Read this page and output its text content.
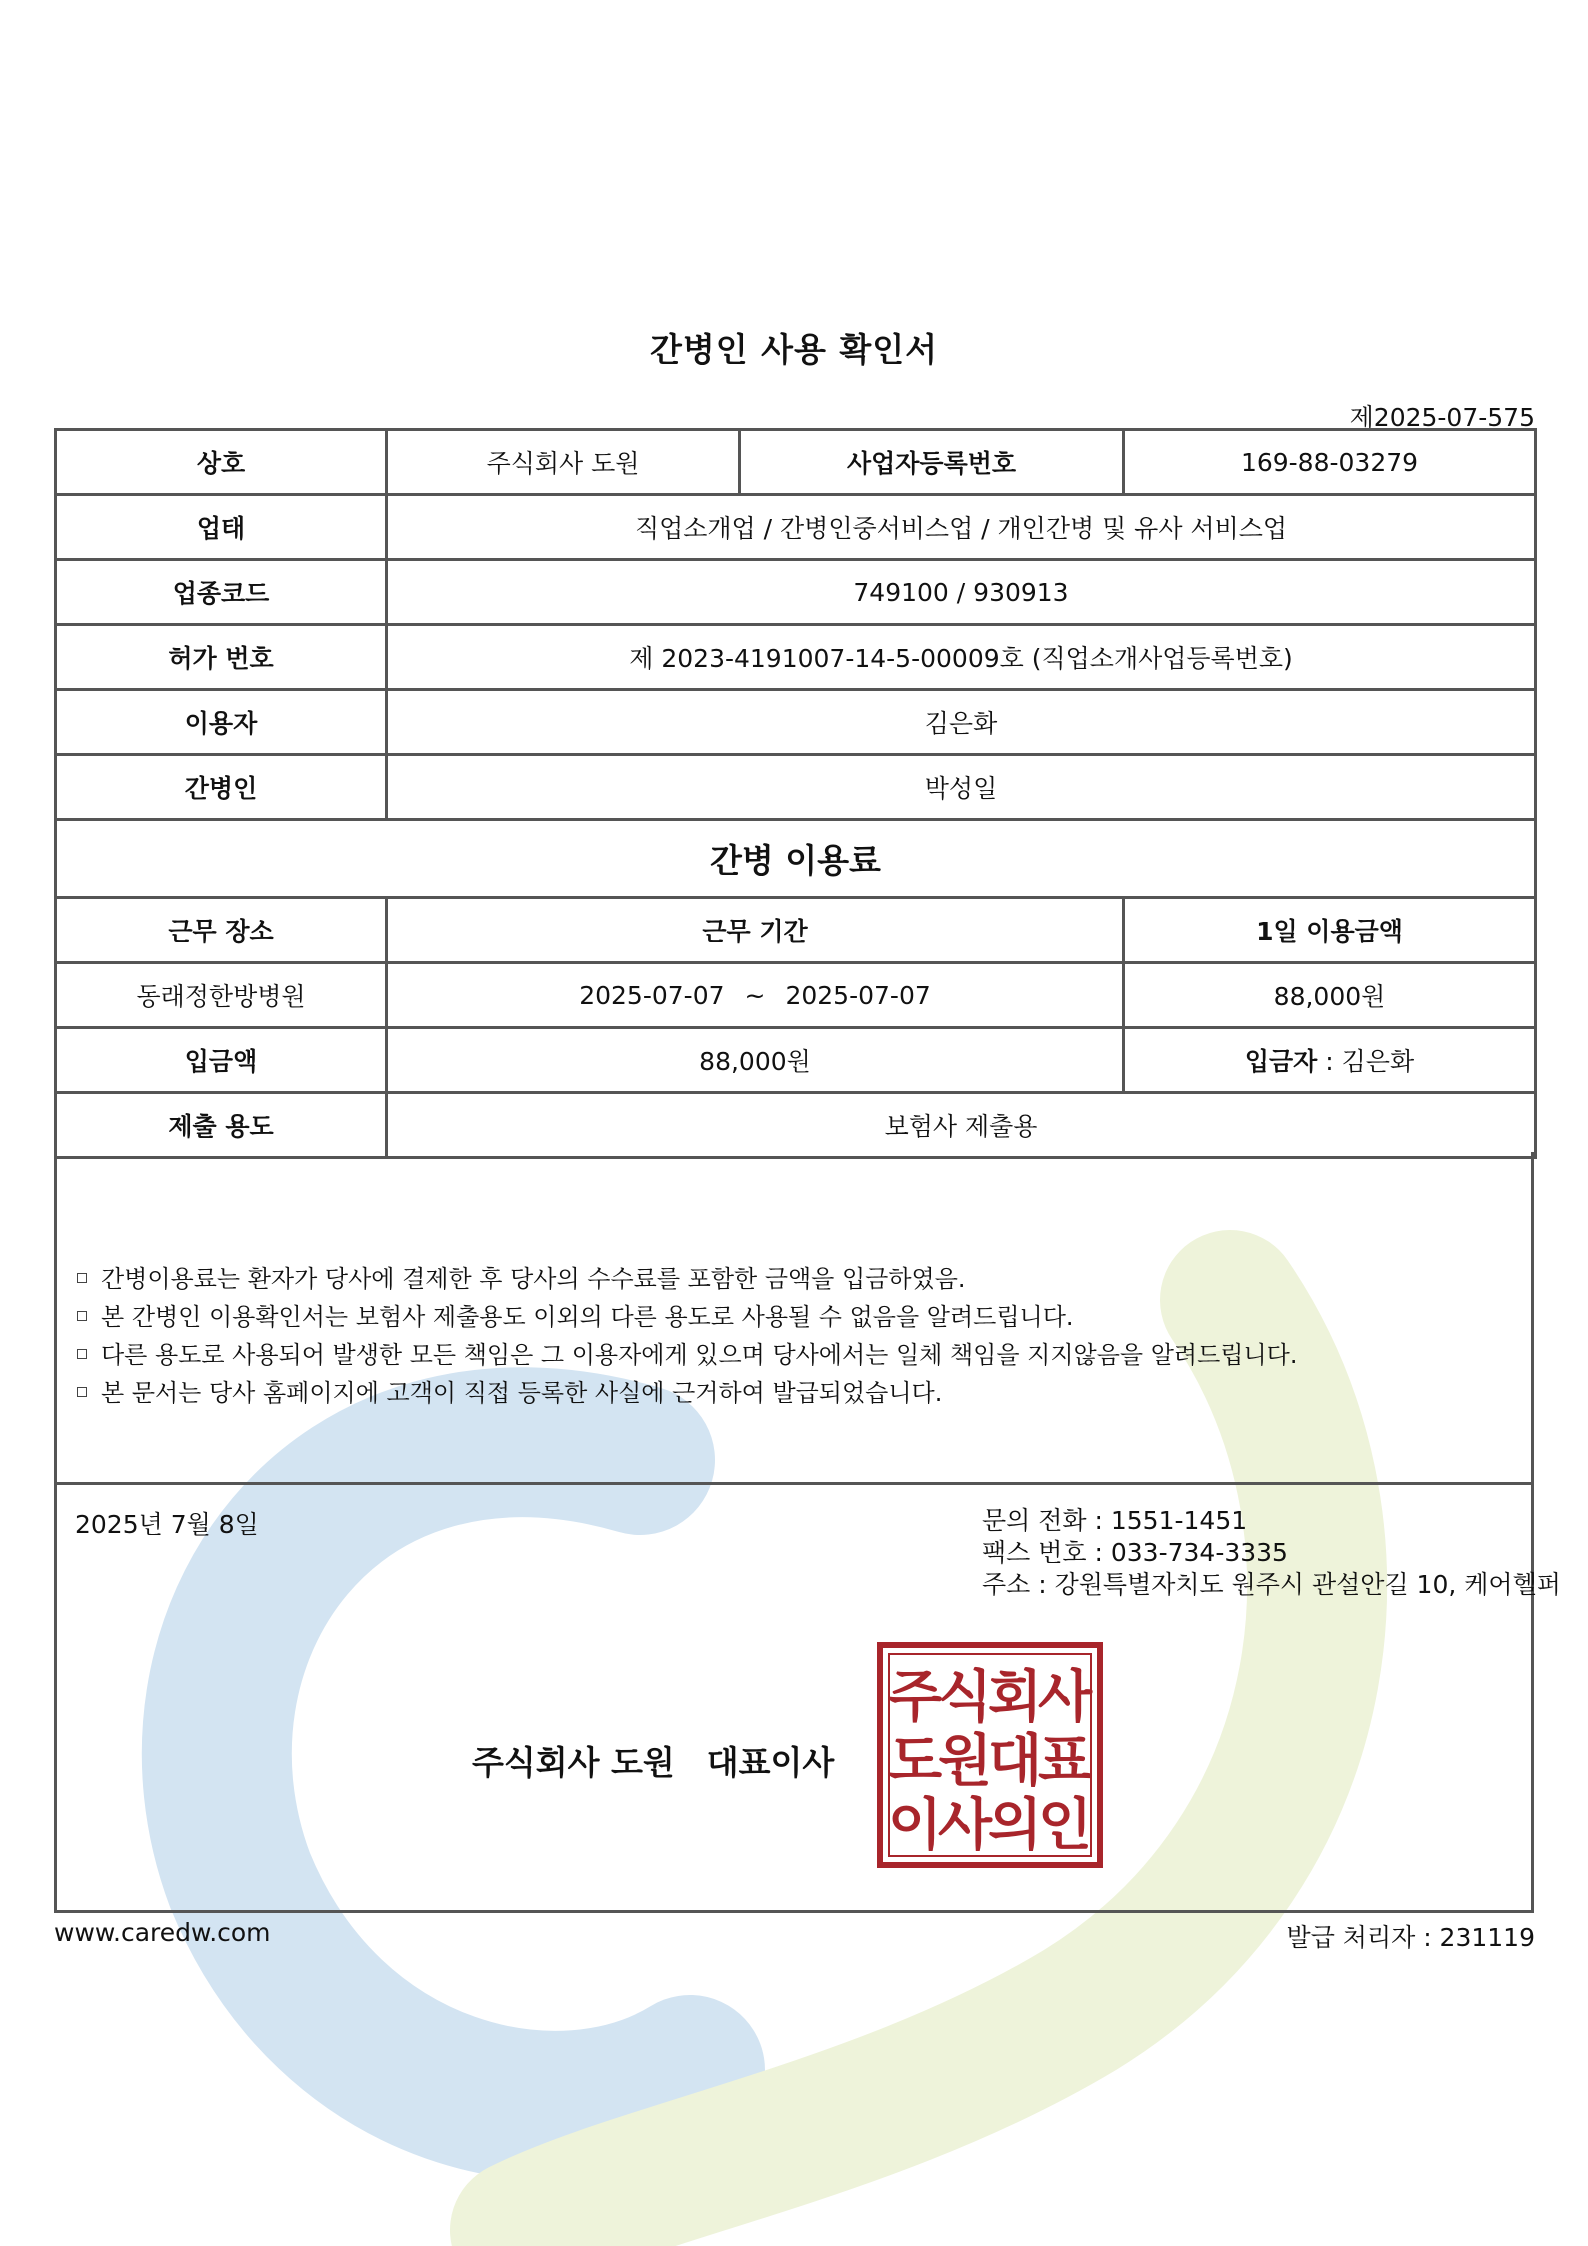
간병인 사용 확인서
제2025-07-575
상호	주식회사 도원	사업자등록번호	169-88-03279
업태	직업소개업 / 간병인중서비스업 / 개인간병 및 유사 서비스업		
업종코드	749100 / 930913		
허가 번호	제 2023-4191007-14-5-00009호 (직업소개사업등록번호)		
이용자	김은화		
간병인	박성일		
간병 이용료			
근무 장소	근무 기간		1일 이용금액
동래정한방병원	2025-07-07 ~ 2025-07-07		88,000원
입금액	88,000원		입금자 : 김은화
제출 용도	보험사 제출용		
간병이용료는 환자가 당사에 결제한 후 당사의 수수료를 포함한 금액을 입금하였음.
본 간병인 이용확인서는 보험사 제출용도 이외의 다른 용도로 사용될 수 없음을 알려드립니다.
다른 용도로 사용되어 발생한 모든 책임은 그 이용자에게 있으며 당사에서는 일체 책임을 지지않음을 알려드립니다.
본 문서는 당사 홈페이지에 고객이 직접 등록한 사실에 근거하여 발급되었습니다.
2025년 7월 8일	문의 전화 : 1551-1451
팩스 번호 : 033-734-3335
주소 : 강원특별자치도 원주시 관설안길 10, 케어헬퍼
주식회사 도원 대표이사
주
식
회
사
도
원
대
표
이
사
의
인
www.caredw.com	발급 처리자 : 231119
